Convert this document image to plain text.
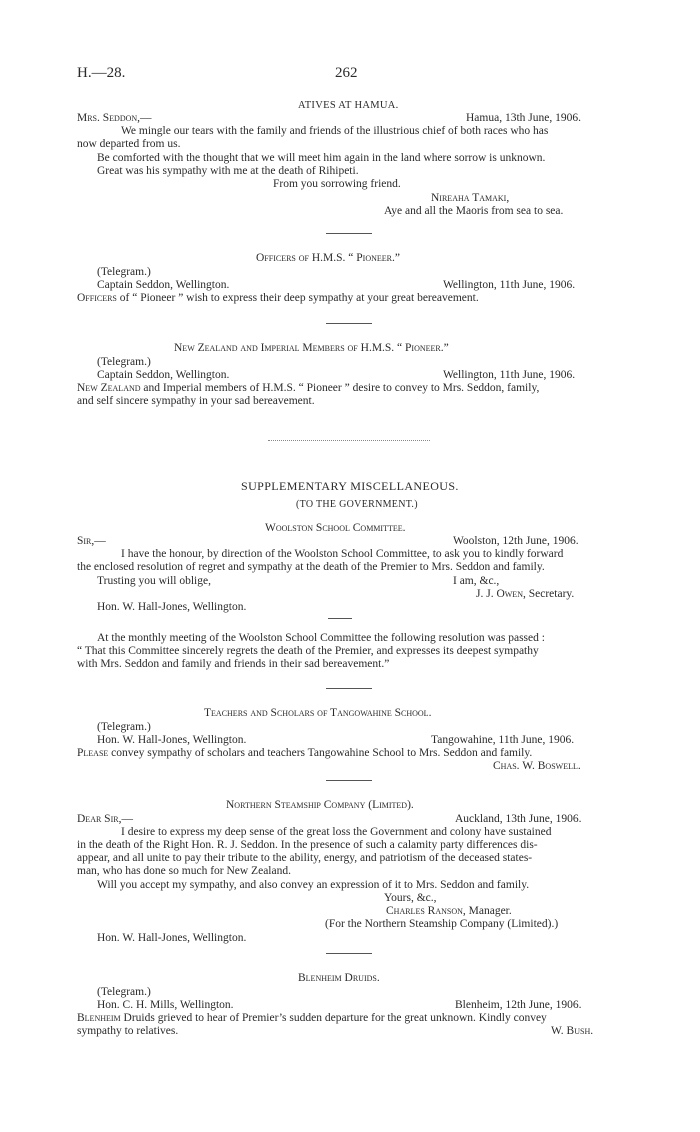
H.—28.	262
ATIVES AT HAMUA.
Mrs. Seddon,—	Hamua, 13th June, 1906.
We mingle our tears with the family and friends of the illustrious chief of both races who has
now departed from us.
Be comforted with the thought that we will meet him again in the land where sorrow is unknown.
Great was his sympathy with me at the death of Rihipeti.
From you sorrowing friend.
Nireaha Tamaki,
Aye and all the Maoris from sea to sea.
Officers of H.M.S. “ Pioneer.”
(Telegram.)
Captain Seddon, Wellington.	Wellington, 11th June, 1906.
Officers of “ Pioneer ” wish to express their deep sympathy at your great bereavement.
New Zealand and Imperial Members of H.M.S. “ Pioneer.”
(Telegram.)
Captain Seddon, Wellington.	Wellington, 11th June, 1906.
New Zealand and Imperial members of H.M.S. “ Pioneer ” desire to convey to Mrs. Seddon, family,
and self sincere sympathy in your sad bereavement.
SUPPLEMENTARY MISCELLANEOUS.
(TO THE GOVERNMENT.)
Woolston School Committee.
Sir,—	Woolston, 12th June, 1906.
I have the honour, by direction of the Woolston School Committee, to ask you to kindly forward
the enclosed resolution of regret and sympathy at the death of the Premier to Mrs. Seddon and family.
Trusting you will oblige,	I am, &c.,
J. J. Owen, Secretary.
Hon. W. Hall-Jones, Wellington.
At the monthly meeting of the Woolston School Committee the following resolution was passed :
“ That this Committee sincerely regrets the death of the Premier, and expresses its deepest sympathy
with Mrs. Seddon and family and friends in their sad bereavement.”
Teachers and Scholars of Tangowahine School.
(Telegram.)
Hon. W. Hall-Jones, Wellington.	Tangowahine, 11th June, 1906.
Please convey sympathy of scholars and teachers Tangowahine School to Mrs. Seddon and family.
Chas. W. Boswell.
Northern Steamship Company (Limited).
Dear Sir,—	Auckland, 13th June, 1906.
I desire to express my deep sense of the great loss the Government and colony have sustained
in the death of the Right Hon. R. J. Seddon. In the presence of such a calamity party differences dis-
appear, and all unite to pay their tribute to the ability, energy, and patriotism of the deceased states-
man, who has done so much for New Zealand.
Will you accept my sympathy, and also convey an expression of it to Mrs. Seddon and family.
Yours, &c.,
Charles Ranson, Manager.
(For the Northern Steamship Company (Limited).)
Hon. W. Hall-Jones, Wellington.
Blenheim Druids.
(Telegram.)
Hon. C. H. Mills, Wellington.	Blenheim, 12th June, 1906.
Blenheim Druids grieved to hear of Premier’s sudden departure for the great unknown. Kindly convey
sympathy to relatives.	W. Bush.
